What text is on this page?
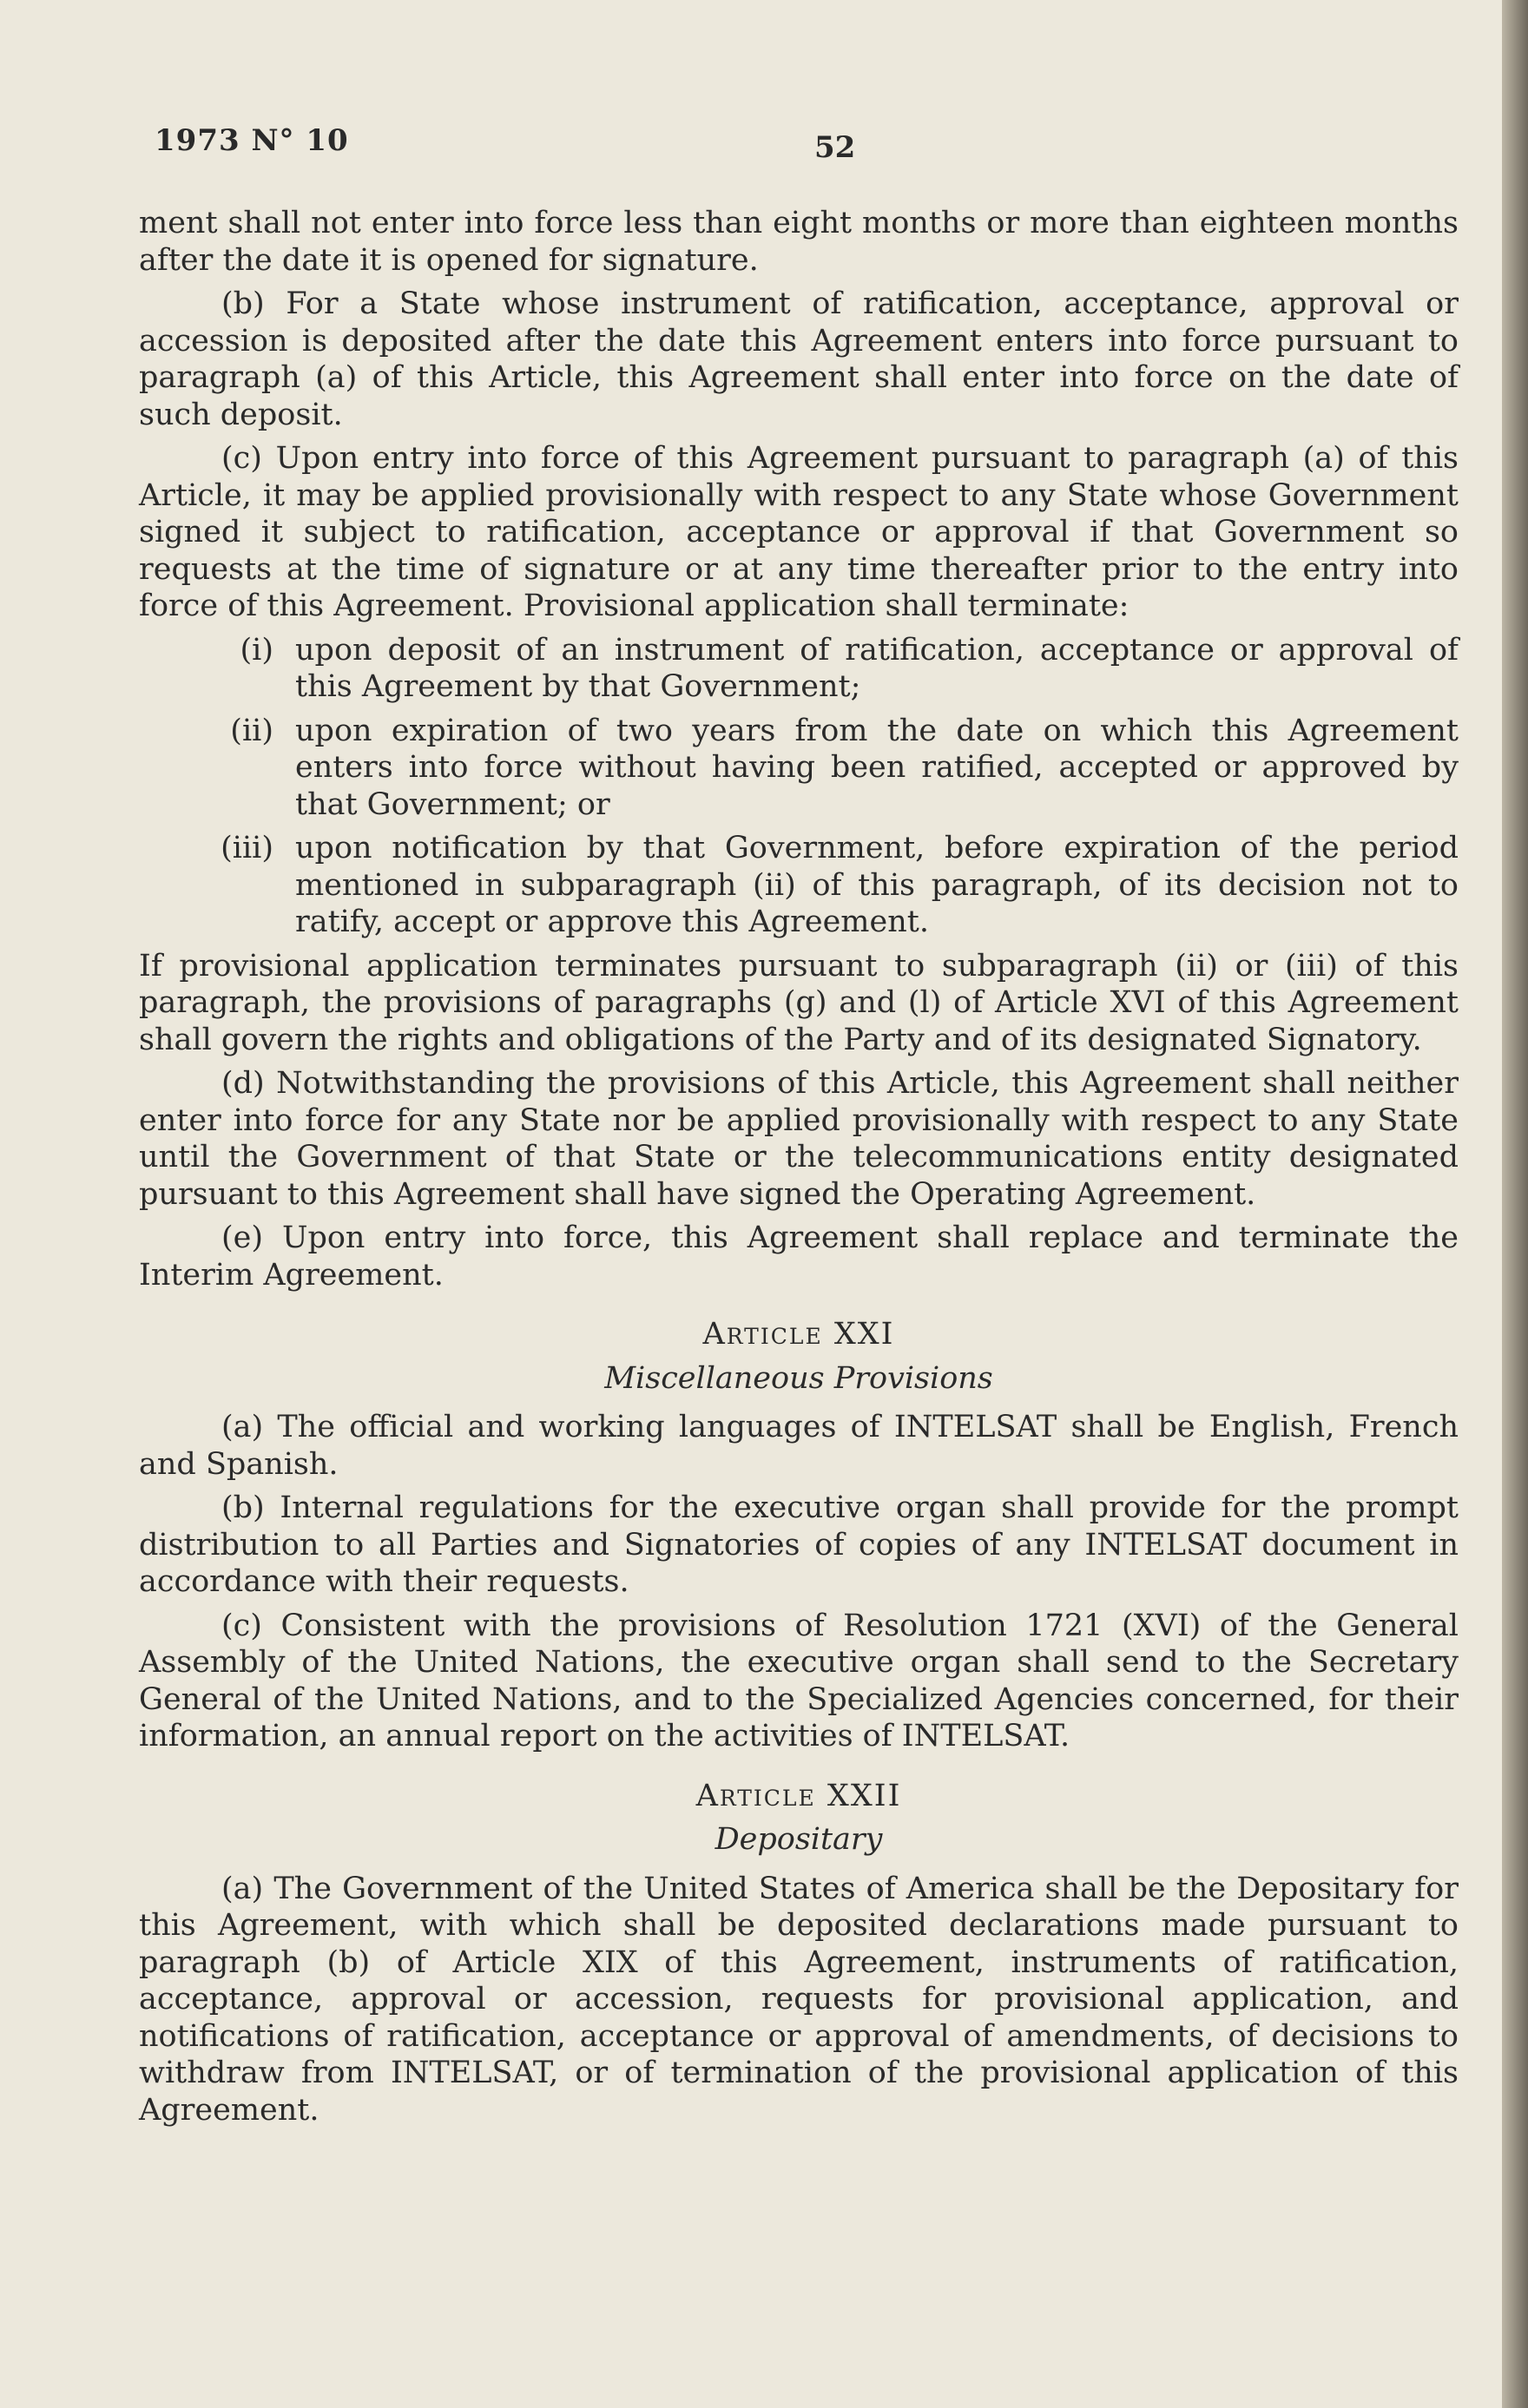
1973 N° 10	52

ment shall not enter into force less than eight months or more than eighteen months after the date it is opened for signature.

(b) For a State whose instrument of ratification, acceptance, approval or accession is deposited after the date this Agreement enters into force pursuant to paragraph (a) of this Article, this Agreement shall enter into force on the date of such deposit.

(c) Upon entry into force of this Agreement pursuant to paragraph (a) of this Article, it may be applied provisionally with respect to any State whose Government signed it subject to ratification, acceptance or approval if that Government so requests at the time of signature or at any time thereafter prior to the entry into force of this Agreement. Provisional application shall terminate:

(i) upon deposit of an instrument of ratification, acceptance or approval of this Agreement by that Government;
(ii) upon expiration of two years from the date on which this Agreement enters into force without having been ratified, accepted or approved by that Government; or
(iii) upon notification by that Government, before expiration of the period mentioned in subparagraph (ii) of this paragraph, of its decision not to ratify, accept or approve this Agreement.

If provisional application terminates pursuant to subparagraph (ii) or (iii) of this paragraph, the provisions of paragraphs (g) and (l) of Article XVI of this Agreement shall govern the rights and obligations of the Party and of its designated Signatory.

(d) Notwithstanding the provisions of this Article, this Agreement shall neither enter into force for any State nor be applied provisionally with respect to any State until the Government of that State or the telecommunications entity designated pursuant to this Agreement shall have signed the Operating Agreement.

(e) Upon entry into force, this Agreement shall replace and terminate the Interim Agreement.

Article XXI
Miscellaneous Provisions

(a) The official and working languages of INTELSAT shall be English, French and Spanish.

(b) Internal regulations for the executive organ shall provide for the prompt distribution to all Parties and Signatories of copies of any INTELSAT document in accordance with their requests.

(c) Consistent with the provisions of Resolution 1721 (XVI) of the General Assembly of the United Nations, the executive organ shall send to the Secretary General of the United Nations, and to the Specialized Agencies concerned, for their information, an annual report on the activities of INTELSAT.

Article XXII
Depositary

(a) The Government of the United States of America shall be the Depositary for this Agreement, with which shall be deposited declarations made pursuant to paragraph (b) of Article XIX of this Agreement, instruments of ratification, acceptance, approval or accession, requests for provisional application, and notifications of ratification, acceptance or approval of amendments, of decisions to withdraw from INTELSAT, or of termination of the provisional application of this Agreement.
